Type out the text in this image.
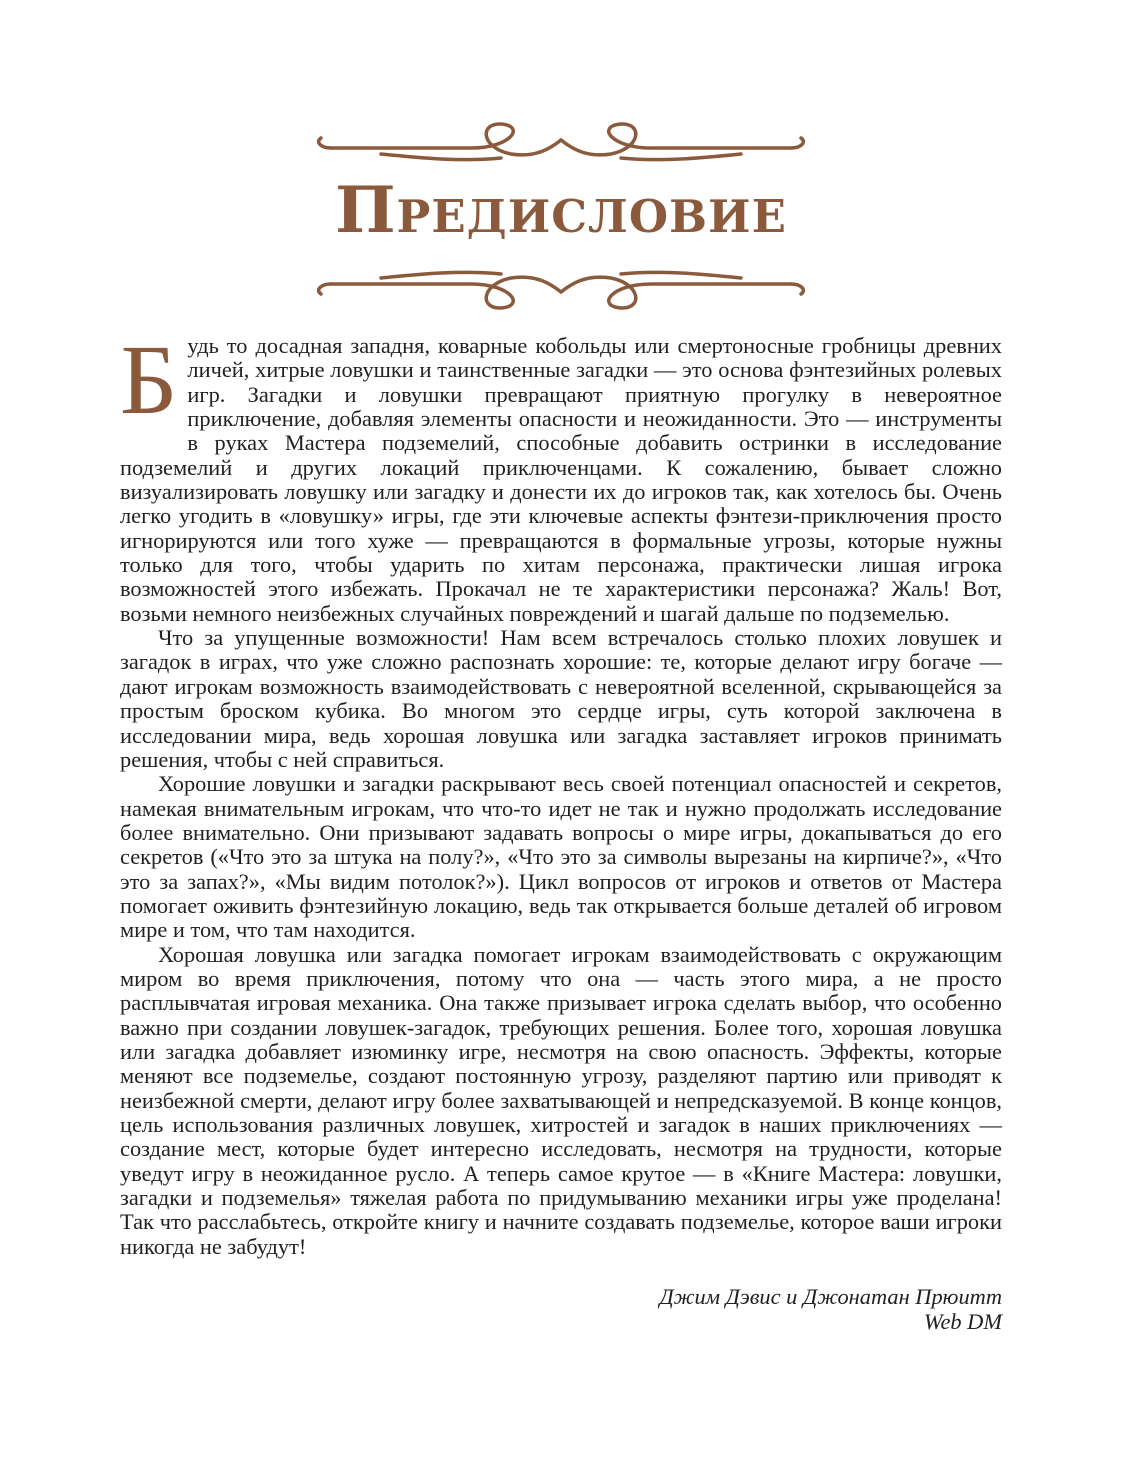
Предисловие

Будь то досадная западня, коварные кобольды или смертоносные гробницы древних личей, хитрые ловушки и таинственные загадки — это основа фэнтезийных ролевых игр. Загадки и ловушки превращают приятную прогулку в невероятное приключение, добавляя элементы опасности и неожиданности. Это — инструменты в руках Мастера подземелий, способные добавить остринки в исследование подземелий и других локаций приключенцами. К сожалению, бывает сложно визуализировать ловушку или загадку и донести их до игроков так, как хотелось бы. Очень легко угодить в «ловушку» игры, где эти ключевые аспекты фэнтези-приключения просто игнорируются или того хуже — превращаются в формальные угрозы, которые нужны только для того, чтобы ударить по хитам персонажа, практически лишая игрока возможностей этого избежать. Прокачал не те характеристики персонажа? Жаль! Вот, возьми немного неизбежных случайных повреждений и шагай дальше по подземелью.

Что за упущенные возможности! Нам всем встречалось столько плохих ловушек и загадок в играх, что уже сложно распознать хорошие: те, которые делают игру богаче — дают игрокам возможность взаимодействовать с невероятной вселенной, скрывающейся за простым броском кубика. Во многом это сердце игры, суть которой заключена в исследовании мира, ведь хорошая ловушка или загадка заставляет игроков принимать решения, чтобы с ней справиться.

Хорошие ловушки и загадки раскрывают весь своей потенциал опасностей и секретов, намекая внимательным игрокам, что что-то идет не так и нужно продолжать исследование более внимательно. Они призывают задавать вопросы о мире игры, докапываться до его секретов («Что это за штука на полу?», «Что это за символы вырезаны на кирпиче?», «Что это за запах?», «Мы видим потолок?»). Цикл вопросов от игроков и ответов от Мастера помогает оживить фэнтезийную локацию, ведь так открывается больше деталей об игровом мире и том, что там находится.

Хорошая ловушка или загадка помогает игрокам взаимодействовать с окружающим миром во время приключения, потому что она — часть этого мира, а не просто расплывчатая игровая механика. Она также призывает игрока сделать выбор, что особенно важно при создании ловушек-загадок, требующих решения. Более того, хорошая ловушка или загадка добавляет изюминку игре, несмотря на свою опасность. Эффекты, которые меняют все подземелье, создают постоянную угрозу, разделяют партию или приводят к неизбежной смерти, делают игру более захватывающей и непредсказуемой. В конце концов, цель использования различных ловушек, хитростей и загадок в наших приключениях — создание мест, которые будет интересно исследовать, несмотря на трудности, которые уведут игру в неожиданное русло. А теперь самое крутое — в «Книге Мастера: ловушки, загадки и подземелья» тяжелая работа по придумыванию механики игры уже проделана! Так что расслабьтесь, откройте книгу и начните создавать подземелье, которое ваши игроки никогда не забудут!

Джим Дэвис и Джонатан Прюитт
Web DM
